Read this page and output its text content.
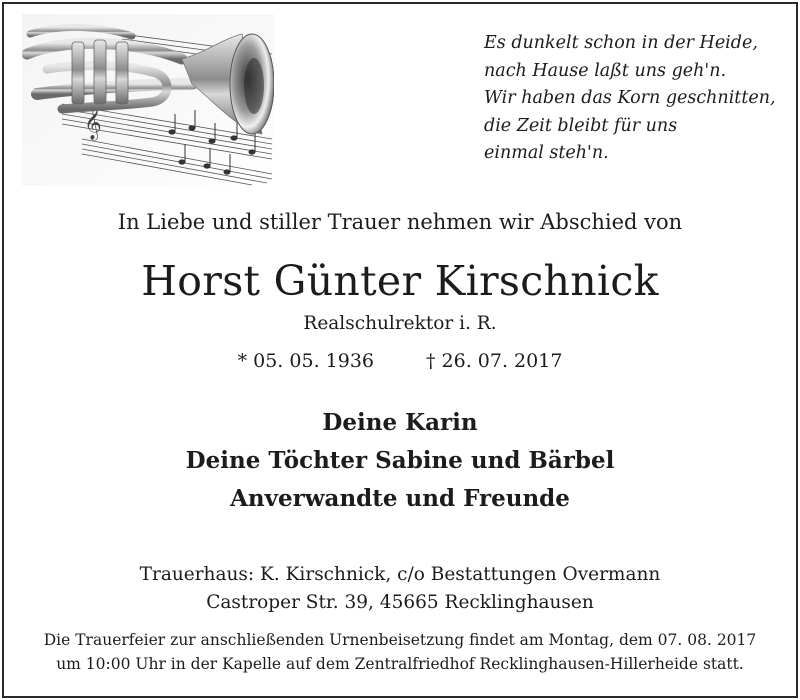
𝄞
Es dunkelt schon in der Heide,
nach Hause laßt uns geh'n.
Wir haben das Korn geschnitten,
die Zeit bleibt für uns
einmal steh'n.
In Liebe und stiller Trauer nehmen wir Abschied von
Horst Günter Kirschnick
Realschulrektor i. R.
* 05. 05. 1936	† 26. 07. 2017
Deine Karin
Deine Töchter Sabine und Bärbel
Anverwandte und Freunde
Trauerhaus: K. Kirschnick, c/o Bestattungen Overmann
Castroper Str. 39, 45665 Recklinghausen
Die Trauerfeier zur anschließenden Urnenbeisetzung findet am Montag, dem 07. 08. 2017
um 10:00 Uhr in der Kapelle auf dem Zentralfriedhof Recklinghausen-Hillerheide statt.
